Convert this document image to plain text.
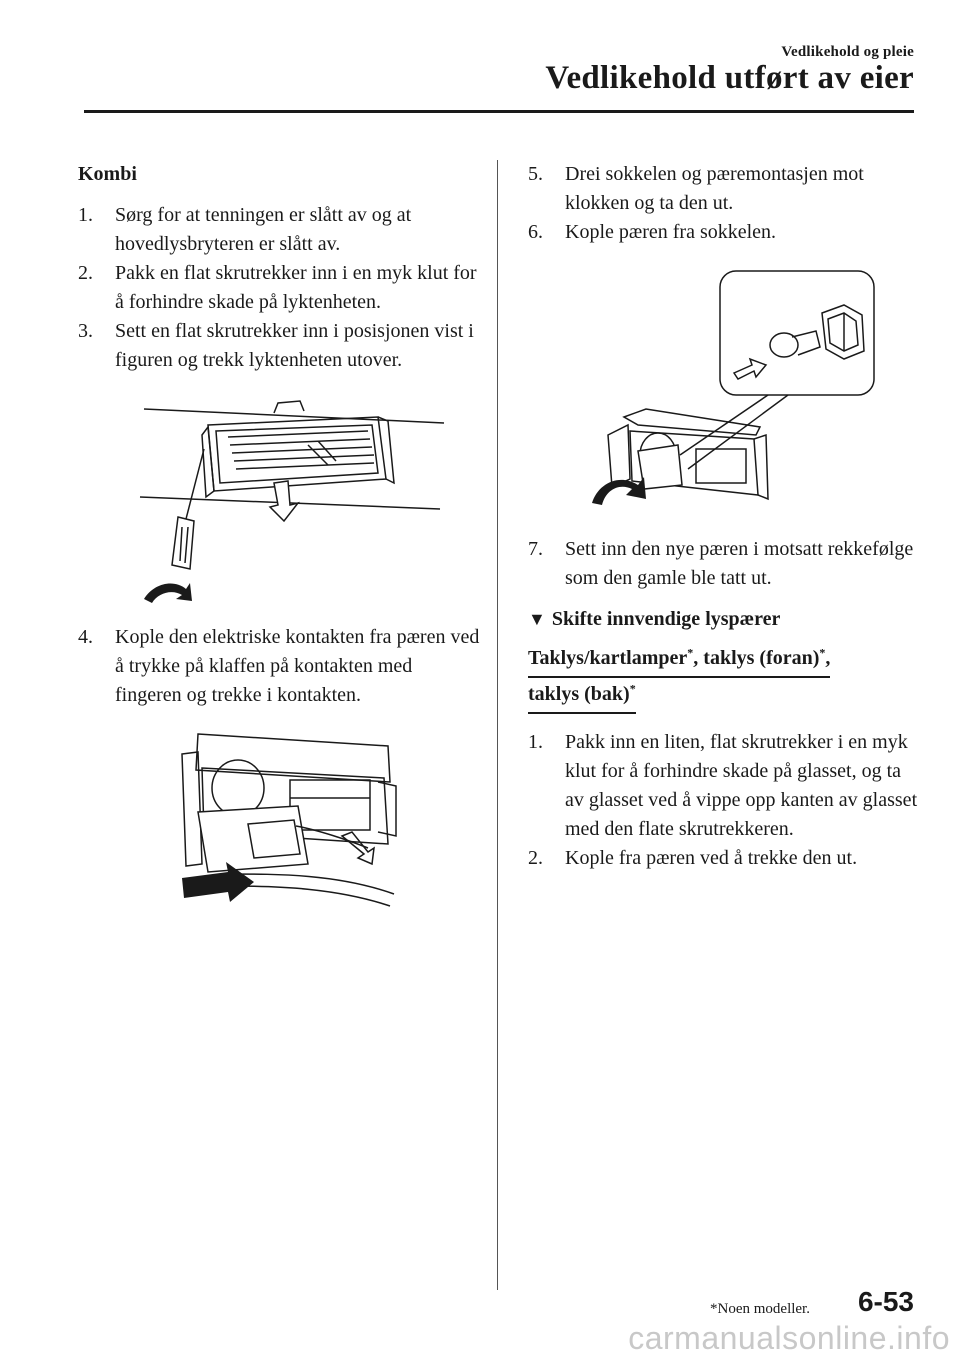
Vedlikehold og pleie
Vedlikehold utført av eier

Kombi

1. Sørg for at tenningen er slått av og at hovedlysbryteren er slått av.

2. Pakk en flat skrutrekker inn i en myk klut for å forhindre skade på lyktenheten.

3. Sett en flat skrutrekker inn i posisjonen vist i figuren og trekk lyktenheten utover.

4. Kople den elektriske kontakten fra pæren ved å trykke på klaffen på kontakten med fingeren og trekke i kontakten.

5. Drei sokkelen og pæremontasjen mot klokken og ta den ut.

6. Kople pæren fra sokkelen.

7. Sett inn den nye pæren i motsatt rekkefølge som den gamle ble tatt ut.

▼ Skifte innvendige lyspærer
Taklys/kartlamper*, taklys (foran)*,
taklys (bak)*

1. Pakk inn en liten, flat skrutrekker i en myk klut for å forhindre skade på glasset, og ta av glasset ved å vippe opp kanten av glasset med den flate skrutrekkeren.

2. Kople fra pæren ved å trekke den ut.

*Noen modeller. 6-53
carmanualsonline.info
